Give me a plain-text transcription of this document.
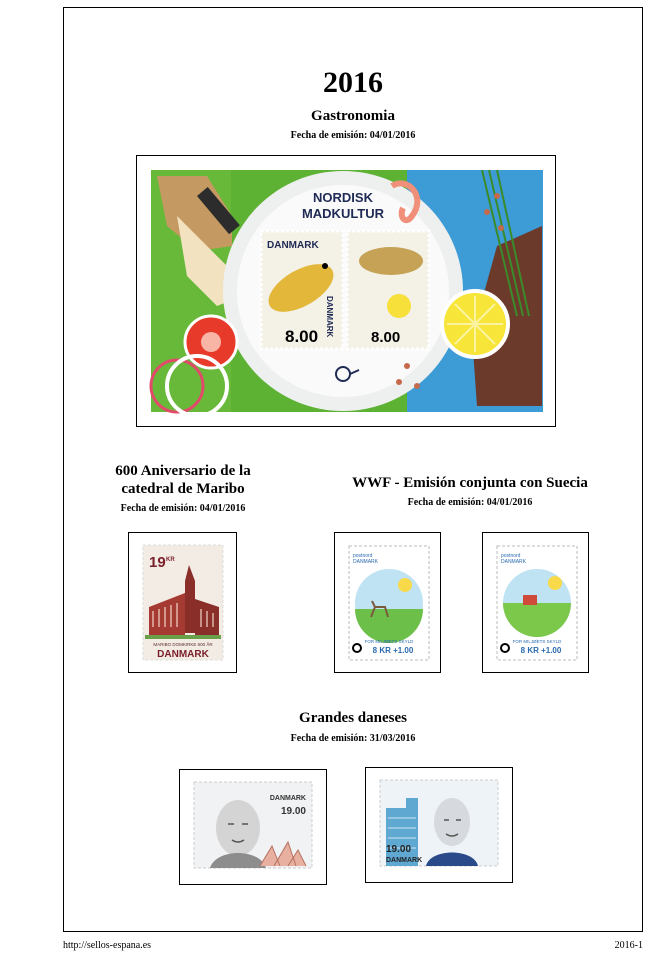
2016
Gastronomia
Fecha de emisión: 04/01/2016
NORDISK
MADKULTUR
DANMARK
8.00 DANMARK
8.00
600 Aniversario de la
catedral de Maribo
Fecha de emisión: 04/01/2016
19 KR
MARIBO DOMKIRKE 600 ÅR
DANMARK
WWF - Emisión conjunta con Suecia
Fecha de emisión: 04/01/2016
postnord
DANMARK
FOR MILJØETS SKYLD
8 KR +1.00
postnord
DANMARK
FOR MILJØETS SKYLD
8 KR +1.00
Grandes daneses
Fecha de emisión: 31/03/2016
DANMARK
19.00
19.00
DANMARK
http://sellos-espana.es	2016-1
